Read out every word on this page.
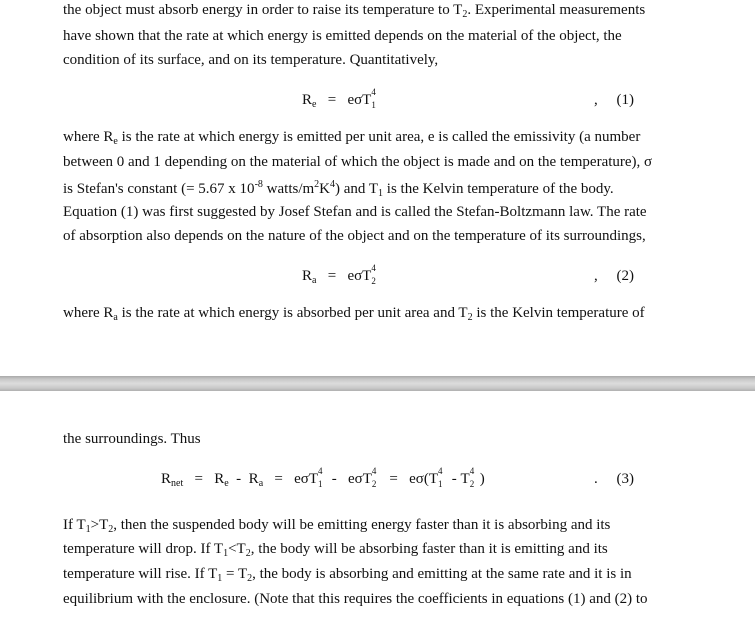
the object must absorb energy in order to raise its temperature to $T_2$. Experimental measurements
have shown that the rate at which energy is emitted depends on the material of the object, the
condition of its surface, and on its temperature. Quantitatively,
$R_e = e\sigma T$ 4
1	, (1)
where $R_e$ is the rate at which energy is emitted per unit area, e is called the emissivity (a number
between 0 and 1 depending on the material of which the object is made and on the temperature), σ
is Stefan's constant (= 5.67 x $10^{-8}$ watts/$m^2K^4$) and $T_1$ is the Kelvin temperature of the body.
Equation (1) was first suggested by Josef Stefan and is called the Stefan-Boltzmann law. The rate
of absorption also depends on the nature of the object and on the temperature of its surroundings,
$R_a = e\sigma T$ 4
2	, (2)
where $R_a$ is the rate at which energy is absorbed per unit area and $T_2$ is the Kelvin temperature of
the surroundings. Thus
$R_{net} = R_e - R_a = e\sigma T$ 4
1 - eσT 4
2 = eσ(T 4
1 - T 4
2 )	. (3)
If $T_1>T_2$, then the suspended body will be emitting energy faster than it is absorbing and its
temperature will drop. If $T_1<T_2$, the body will be absorbing faster than it is emitting and its
temperature will rise. If $T_1 = T_2$, the body is absorbing and emitting at the same rate and it is in
equilibrium with the enclosure. (Note that this requires the coefficients in equations (1) and (2) to
